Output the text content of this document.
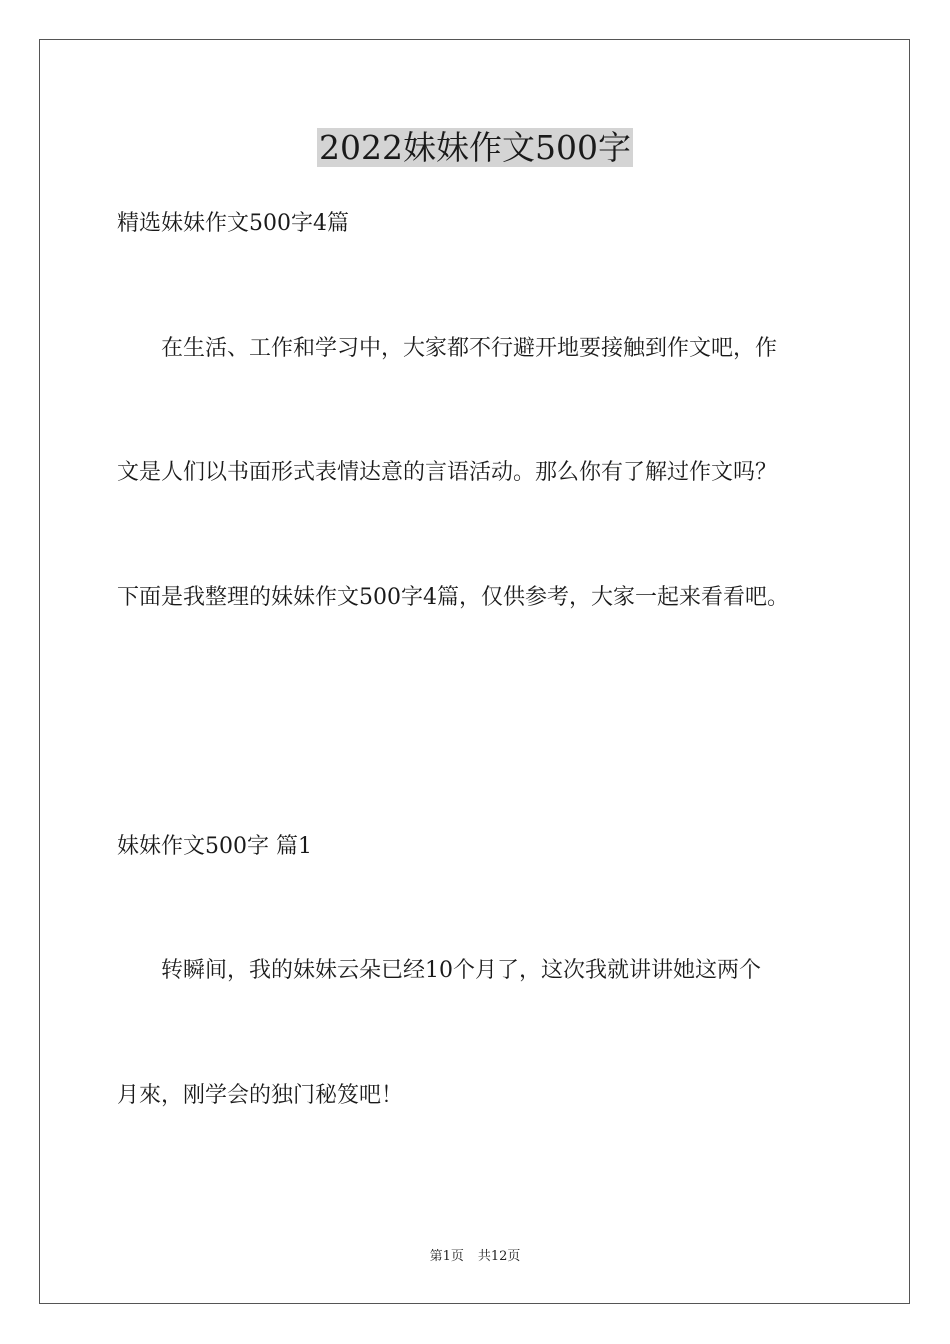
2022妹妹作文500字
精选妹妹作文500字4篇
　　在生活、工作和学习中，大家都不行避开地要接触到作文吧，作
文是人们以书面形式表情达意的言语活动。那么你有了解过作文吗？
下面是我整理的妹妹作文500字4篇，仅供参考，大家一起来看看吧。
妹妹作文500字 篇1
　　转瞬间，我的妹妹云朵已经10个月了，这次我就讲讲她这两个
月來，刚学会的独门秘笈吧！
第1页 共12页
